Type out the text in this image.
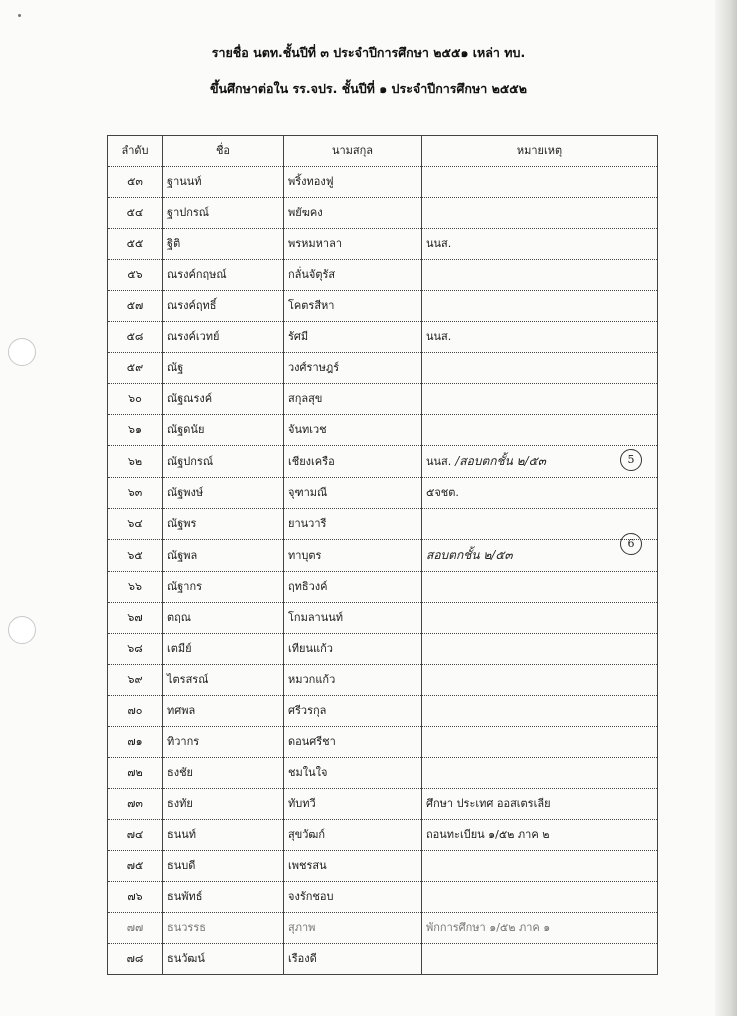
รายชื่อ นตท.ชั้นปีที่ ๓ ประจำปีการศึกษา ๒๕๕๑ เหล่า ทบ.
ขึ้นศึกษาต่อใน รร.จปร. ชั้นปีที่ ๑ ประจำปีการศึกษา ๒๕๕๒
ลำดับ	ชื่อ	นามสกุล	หมายเหตุ
๕๓	ฐานนท์	พริ้งทองฟู	
๕๔	ฐาปกรณ์	พยัฆคง	
๕๕	ฐิติ	พรหมหาลา	นนส.
๕๖	ณรงค์กฤษณ์	กลั่นจัตุรัส	
๕๗	ณรงค์ฤทธิ์	โคตรสีหา	
๕๘	ณรงค์เวทย์	รัศมี	นนส.
๕๙	ณัฐ	วงศ์ราษฎร์	
๖๐	ณัฐณรงค์	สกุลสุข	
๖๑	ณัฐดนัย	จันทเวช	
๖๒	ณัฐปกรณ์	เชียงเครือ	นนส. /สอบตกชั้น ๒/๕๓
๖๓	ณัฐพงษ์	จุฑามณี	๕จชต.
๖๔	ณัฐพร	ยานวารี	
๖๕	ณัฐพล	ทาบุตร	สอบตกชั้น ๒/๕๓
๖๖	ณัฐากร	ฤทธิวงค์	
๖๗	ตฤณ	โกมลานนท์	
๖๘	เตมีย์	เทียนแก้ว	
๖๙	ไตรสรณ์	หมวกแก้ว	
๗๐	ทศพล	ศรีวรกุล	
๗๑	ทิวากร	ดอนศรีชา	
๗๒	ธงชัย	ชมในใจ	
๗๓	ธงทัย	ทับทวี	ศึกษา ประเทศ ออสเตรเลีย
๗๔	ธนนท์	สุขวัฒก์	ถอนทะเบียน ๑/๕๒ ภาค ๒
๗๕	ธนบดี	เพชรสน	
๗๖	ธนพัทธ์	จงรักชอบ	
๗๗	ธนวรรธ	สุภาพ	พักการศึกษา ๑/๕๒ ภาค ๑
๗๘	ธนวัฒน์	เรืองดี	
5
6
